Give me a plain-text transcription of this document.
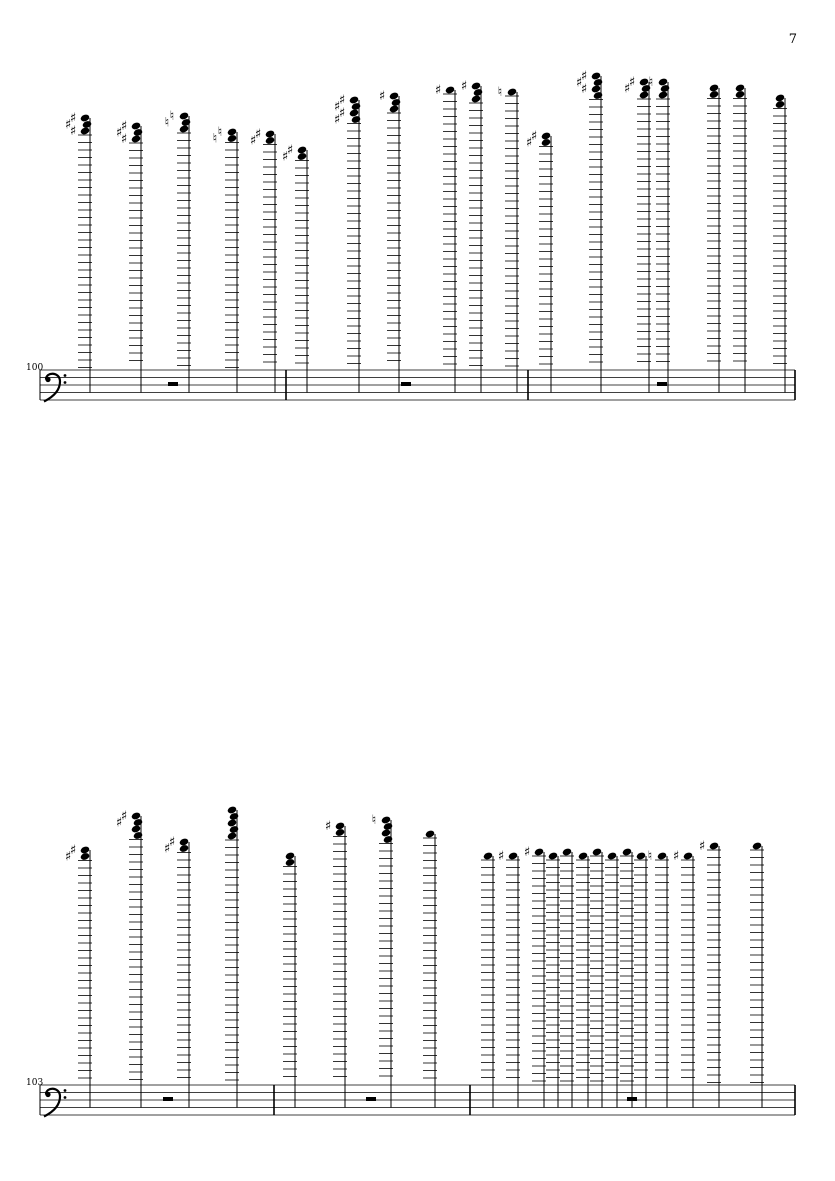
7
100
103
♯
♯
♯	♯
♯
♯
♮
♮
♮
♮	♯
♯
♯
♯
♯
♯
♯
♯
♯	♯ ♯ ♮
♯
♯
♯
♯
♯	♯
♯ ♮
♯
♯
♯
♯
♯
♯
♯	♮
♯ ♯	♮ ♯
♯
